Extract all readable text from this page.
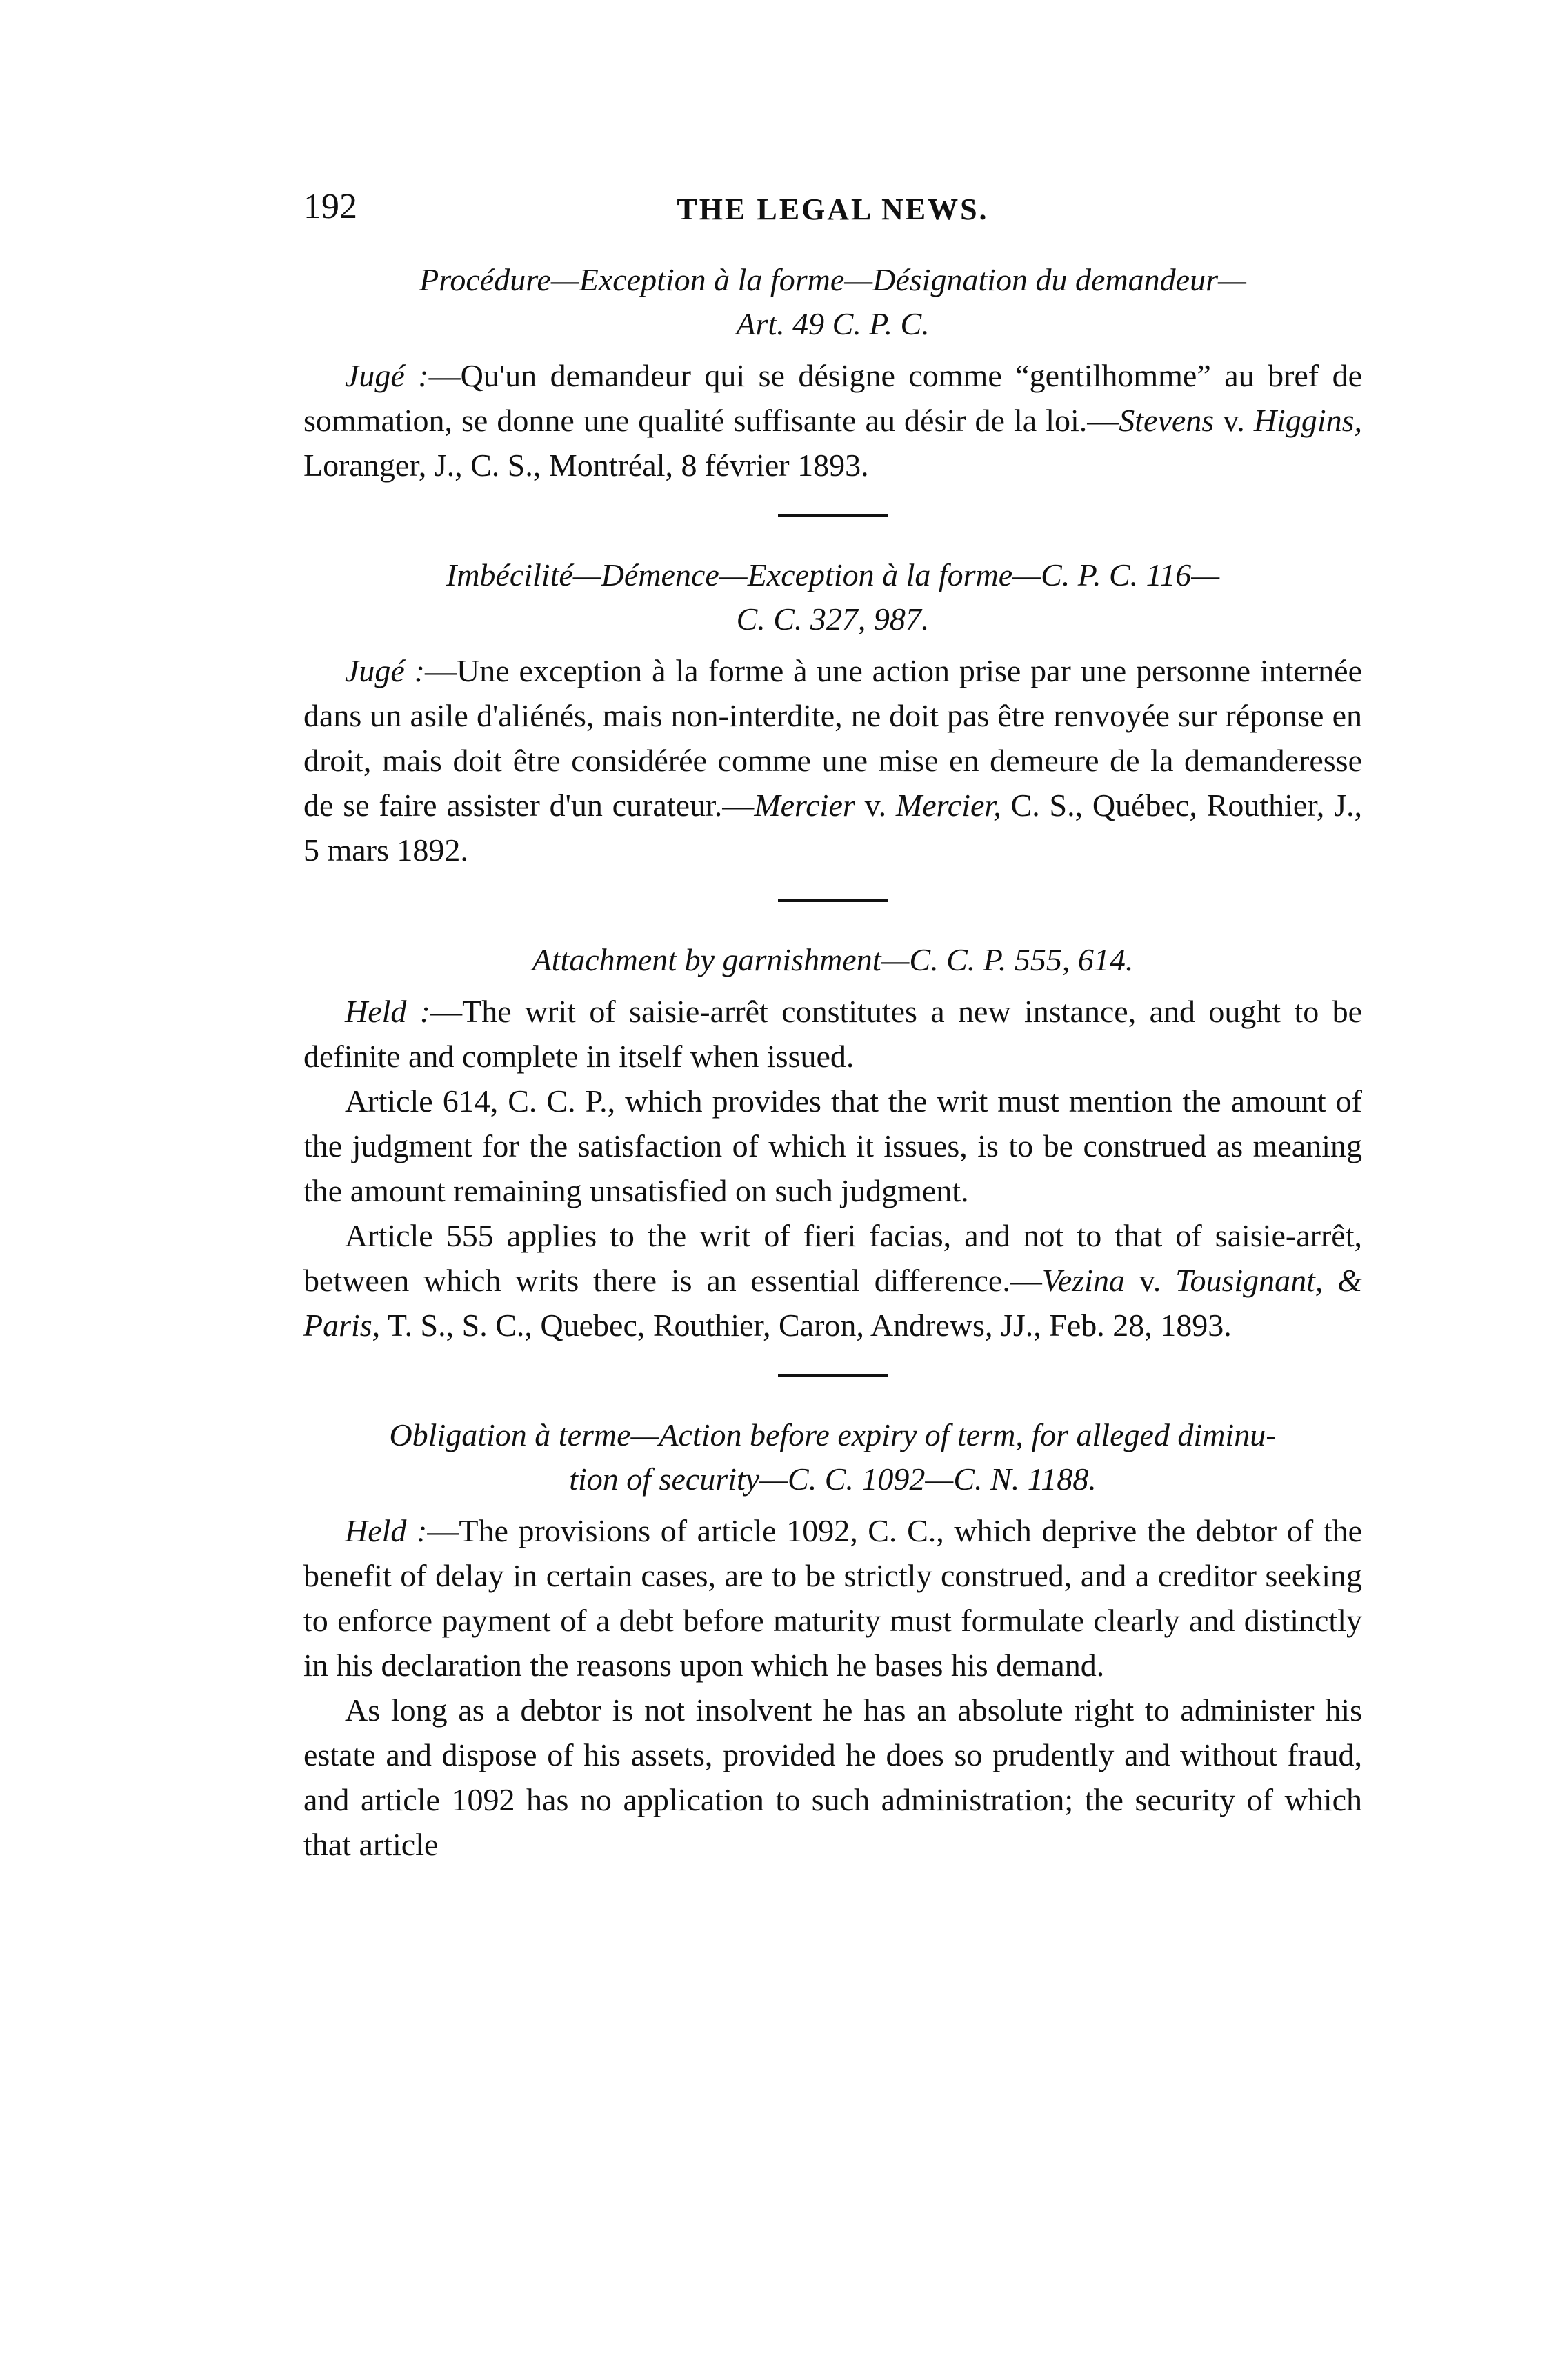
192	THE LEGAL NEWS.
Procédure—Exception à la forme—Désignation du demandeur—
Art. 49 C. P. C.

Jugé :—Qu'un demandeur qui se désigne comme “gentilhomme” au bref de sommation, se donne une qualité suffisante au désir de la loi.—Stevens v. Higgins, Loranger, J., C. S., Montréal, 8 février 1893.

Imbécilité—Démence—Exception à la forme—C. P. C. 116—
C. C. 327, 987.

Jugé :—Une exception à la forme à une action prise par une personne internée dans un asile d'aliénés, mais non-interdite, ne doit pas être renvoyée sur réponse en droit, mais doit être considérée comme une mise en demeure de la demanderesse de se faire assister d'un curateur.—Mercier v. Mercier, C. S., Québec, Routhier, J., 5 mars 1892.

Attachment by garnishment—C. C. P. 555, 614.

Held :—The writ of saisie-arrêt constitutes a new instance, and ought to be definite and complete in itself when issued.

Article 614, C. C. P., which provides that the writ must mention the amount of the judgment for the satisfaction of which it issues, is to be construed as meaning the amount remaining unsatisfied on such judgment.

Article 555 applies to the writ of fieri facias, and not to that of saisie-arrêt, between which writs there is an essential difference.—Vezina v. Tousignant, & Paris, T. S., S. C., Quebec, Routhier, Caron, Andrews, JJ., Feb. 28, 1893.

Obligation à terme—Action before expiry of term, for alleged diminu-
tion of security—C. C. 1092—C. N. 1188.

Held :—The provisions of article 1092, C. C., which deprive the debtor of the benefit of delay in certain cases, are to be strictly construed, and a creditor seeking to enforce payment of a debt before maturity must formulate clearly and distinctly in his declaration the reasons upon which he bases his demand.

As long as a debtor is not insolvent he has an absolute right to administer his estate and dispose of his assets, provided he does so prudently and without fraud, and article 1092 has no application to such administration; the security of which that article
